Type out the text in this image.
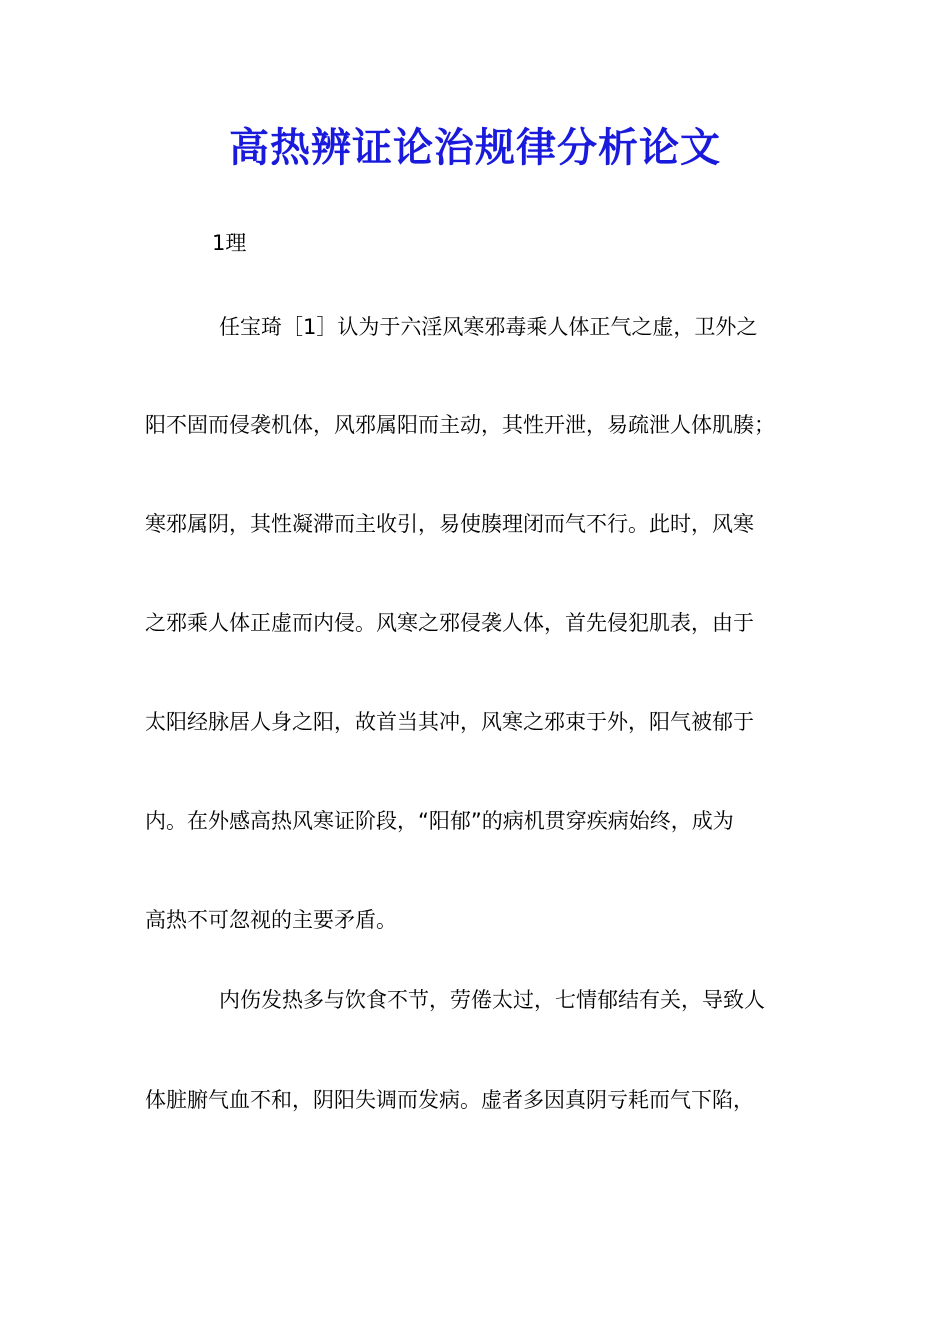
高热辨证论治规律分析论文
1理
任宝琦［1］认为于六淫风寒邪毒乘人体正气之虚，卫外之
阳不固而侵袭机体，风邪属阳而主动，其性开泄，易疏泄人体肌腠；
寒邪属阴，其性凝滞而主收引，易使腠理闭而气不行。此时，风寒
之邪乘人体正虚而内侵。风寒之邪侵袭人体，首先侵犯肌表，由于
太阳经脉居人身之阳，故首当其冲，风寒之邪束于外，阳气被郁于
内。在外感高热风寒证阶段，“阳郁”的病机贯穿疾病始终，成为
高热不可忽视的主要矛盾。
内伤发热多与饮食不节，劳倦太过，七情郁结有关，导致人
体脏腑气血不和，阴阳失调而发病。虚者多因真阴亏耗而气下陷，
